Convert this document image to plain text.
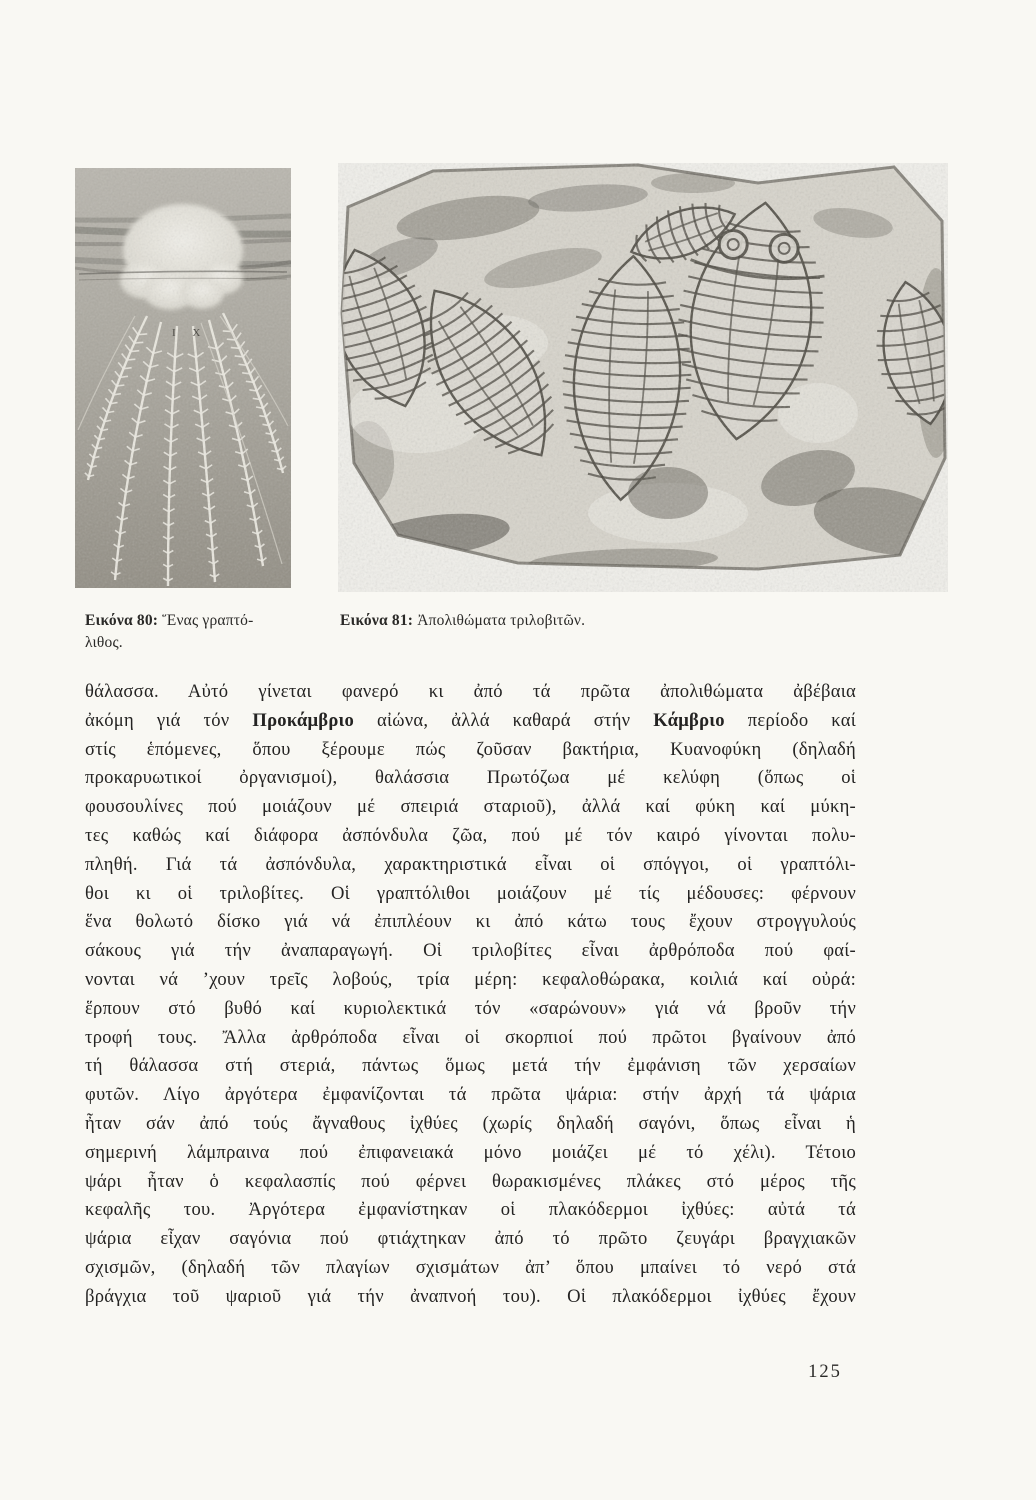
Ι Χ
Εικόνα 80: Ἕνας γραπτό-
λιθος.
Εικόνα 81: Ἀπολιθώματα τριλοβιτῶν.
θάλασσα. Αὐτό γίνεται φανερό κι ἀπό τά πρῶτα ἀπολιθώματα ἀβέβαια
ἀκόμη γιά τόν Προκάμβριο αἰώνα, ἀλλά καθαρά στήν Κάμβριο περίοδο καί
στίς ἑπόμενες, ὅπου ξέρουμε πώς ζοῦσαν βακτήρια, Κυανοφύκη (δηλαδή
προκαρυωτικοί ὀργανισμοί), θαλάσσια Πρωτόζωα μέ κελύφη (ὅπως οἱ
φουσουλίνες πού μοιάζουν μέ σπειριά σταριοῦ), ἀλλά καί φύκη καί μύκη-
τες καθώς καί διάφορα ἀσπόνδυλα ζῶα, πού μέ τόν καιρό γίνονται πολυ-
πληθή. Γιά τά ἀσπόνδυλα, χαρακτηριστικά εἶναι οἱ σπόγγοι, οἱ γραπτόλι-
θοι κι οἱ τριλοβίτες. Οἱ γραπτόλιθοι μοιάζουν μέ τίς μέδουσες: φέρνουν
ἕνα θολωτό δίσκο γιά νά ἐπιπλέουν κι ἀπό κάτω τους ἔχουν στρογγυλούς
σάκους γιά τήν ἀναπαραγωγή. Οἱ τριλοβίτες εἶναι ἀρθρόποδα πού φαί-
νονται νά ’χουν τρεῖς λοβούς, τρία μέρη: κεφαλοθώρακα, κοιλιά καί οὐρά:
ἕρπουν στό βυθό καί κυριολεκτικά τόν «σαρώνουν» γιά νά βροῦν τήν
τροφή τους. Ἄλλα ἀρθρόποδα εἶναι οἱ σκορπιοί πού πρῶτοι βγαίνουν ἀπό
τή θάλασσα στή στεριά, πάντως ὅμως μετά τήν ἐμφάνιση τῶν χερσαίων
φυτῶν. Λίγο ἀργότερα ἐμφανίζονται τά πρῶτα ψάρια: στήν ἀρχή τά ψάρια
ἦταν σάν ἀπό τούς ἄγναθους ἰχθύες (χωρίς δηλαδή σαγόνι, ὅπως εἶναι ἡ
σημερινή λάμπραινα πού ἐπιφανειακά μόνο μοιάζει μέ τό χέλι). Τέτοιο
ψάρι ἦταν ὁ κεφαλασπίς πού φέρνει θωρακισμένες πλάκες στό μέρος τῆς
κεφαλῆς του. Ἀργότερα ἐμφανίστηκαν οἱ πλακόδερμοι ἰχθύες: αὐτά τά
ψάρια εἶχαν σαγόνια πού φτιάχτηκαν ἀπό τό πρῶτο ζευγάρι βραγχιακῶν
σχισμῶν, (δηλαδή τῶν πλαγίων σχισμάτων ἀπ’ ὅπου μπαίνει τό νερό στά
βράγχια τοῦ ψαριοῦ γιά τήν ἀναπνοή του). Οἱ πλακόδερμοι ἰχθύες ἔχουν
125
